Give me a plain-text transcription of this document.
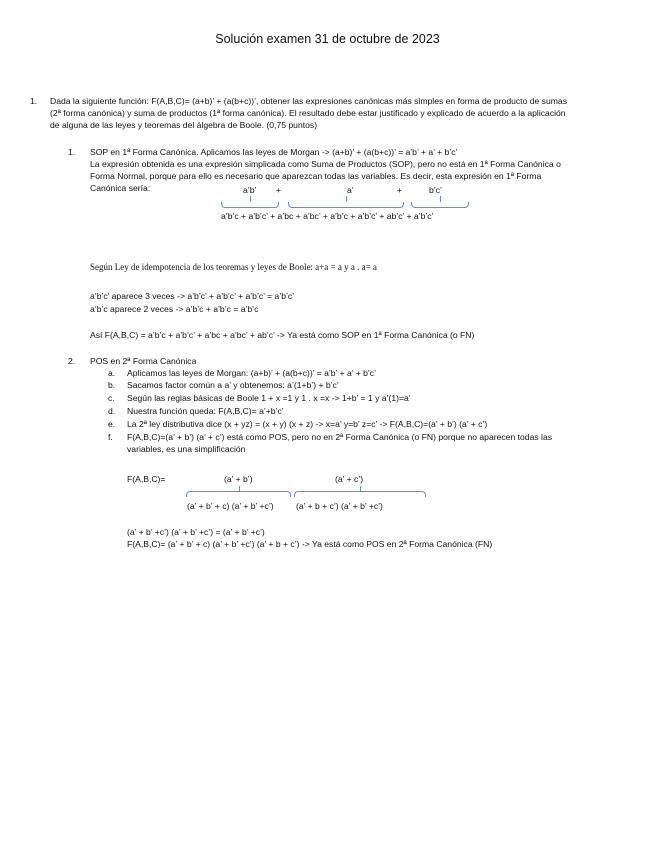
Solución examen 31 de octubre de 2023
1. Dada la siguiente función: F(A,B,C)= (a+b)’ + (a(b+c))’, obtener las expresiones canónicas más simples en forma de producto de sumas
(2ª forma canónica) y suma de productos (1ª forma canónica). El resultado debe estar justificado y explicado de acuerdo a la aplicación
de alguna de las leyes y teoremas del álgebra de Boole. (0,75 puntos)
1. SOP en 1ª Forma Canónica. Aplicamos las leyes de Morgan -> (a+b)’ + (a(b+c))’ = a’b’ + a’ + b’c’
La expresión obtenida es una expresión simplicada como Suma de Productos (SOP), pero no está en 1ª Forma Canónica o
Forma Normal, porque para ello es necesario que aparezcan todas las variables. Es decir, esta expresión en 1ª Forma
Canónica sería:	a’b’ +	a’	+	b’c’
a’b’c + a’b’c’ + a’bc + a’bc’ + a’b’c + a’b’c’ + ab’c’ + a’b’c’
Según Ley de idempotencia de los teoremas y leyes de Boole: a+a = a y a . a= a
a’b’c’ aparece 3 veces -> a’b’c’ + a’b’c’ + a’b’c’ = a’b’c’
a’b’c aparece 2 veces -> a’b’c + a’b’c = a’b’c
Así F(A,B,C) = a’b’c + a’b’c’ + a’bc + a’bc’ + ab’c’ -> Ya está como SOP en 1ª Forma Canónica (o FN)
2. POS en 2ª Forma Canónica
a. Aplicamos las leyes de Morgan: (a+b)’ + (a(b+c))’ = a’b’ + a’ + b’c’
b. Sacamos factor común a a’ y obtenemos: a’(1+b’) + b’c’
c. Según las reglas básicas de Boole 1 + x =1 y 1 . x =x -> 1+b’ = 1 y a’(1)=a’
d. Nuestra función queda: F(A,B,C)= a’+b’c’
e. La 2ª ley distributiva dice (x + yz) = (x + y) (x + z) -> x=a’ y=b’ z=c’ -> F(A,B,C)=(a’ + b’) (a’ + c’)
f. F(A,B,C)=(a’ + b’) (a’ + c’) está como POS, pero no en 2ª Forma Canónica (o FN) porque no aparecen todas las
variables, es una simplificación
F(A,B,C)=	(a’ + b’)	(a’ + c’)
(a’ + b’ + c) (a’ + b’ +c’)	(a’ + b + c’) (a’ + b’ +c’)
(a’ + b’ +c’) (a’ + b’ +c’) = (a’ + b’ +c’)
F(A,B,C)= (a’ + b’ + c) (a’ + b’ +c’) (a’ + b + c’) -> Ya está como POS en 2ª Forma Canónica (FN)
